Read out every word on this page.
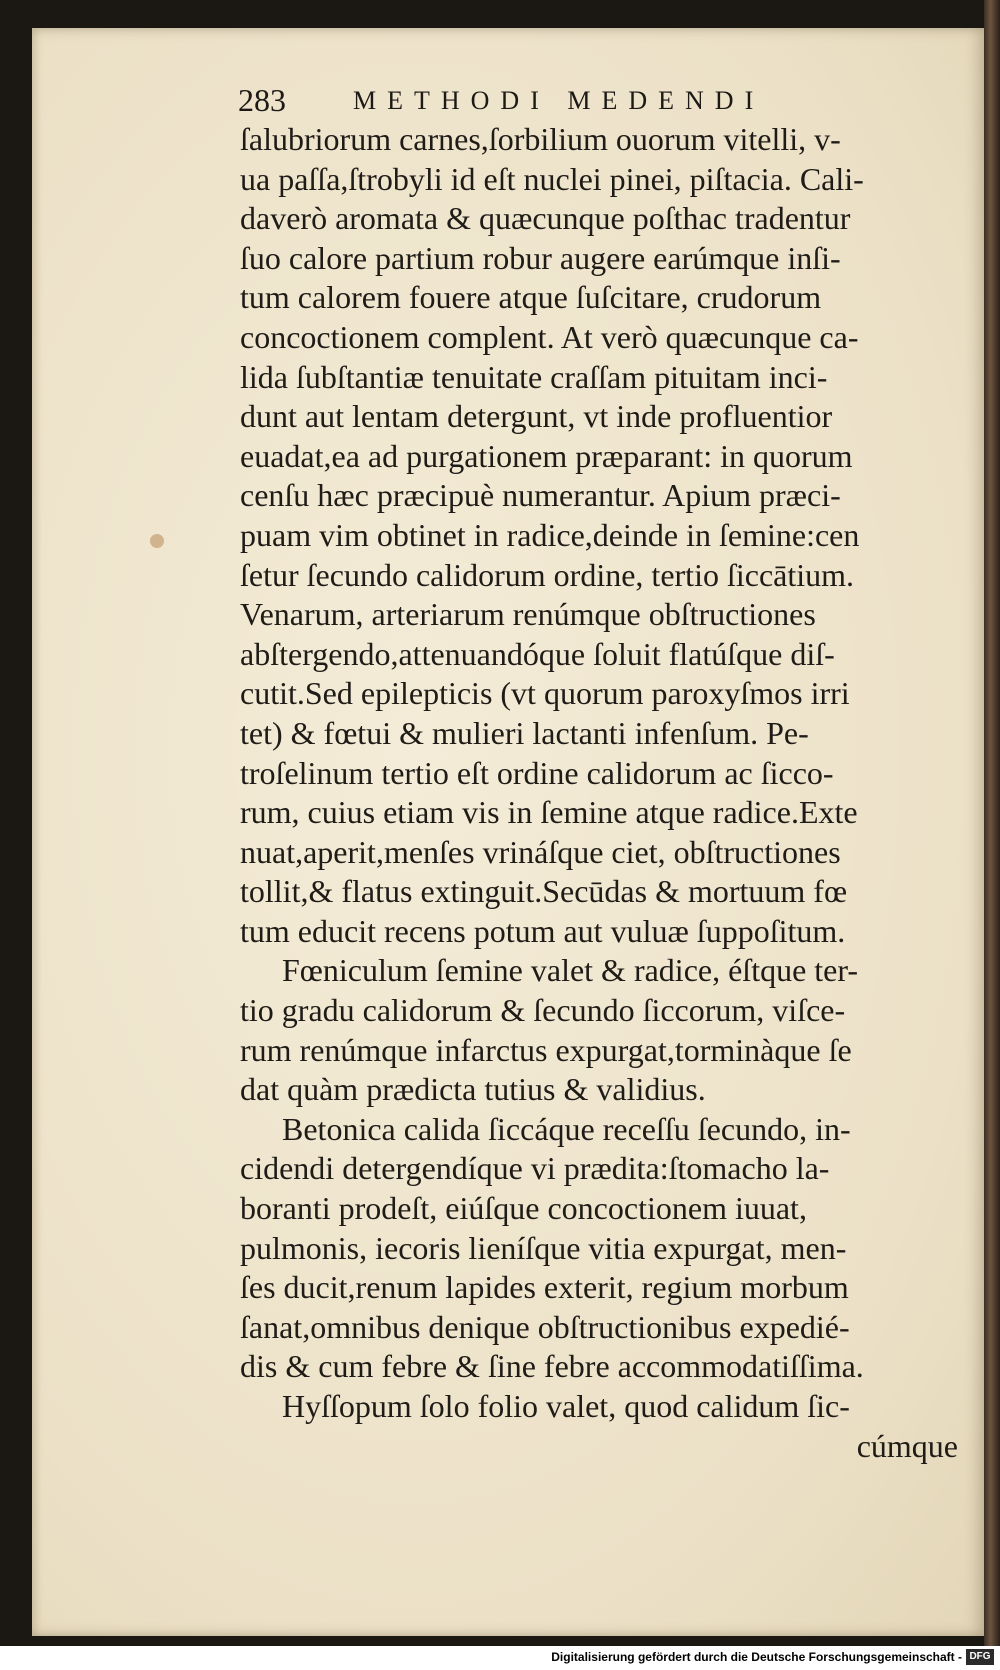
283	METHODI MEDENDI
ſalubriorum carnes,ſorbilium ouorum vitelli, v-
ua paſſa,ſtrobyli id eſt nuclei pinei, piſtacia. Cali-
daverò aromata & quæcunque poſthac tradentur
ſuo calore partium robur augere earúmque inſi-
tum calorem fouere atque ſuſcitare, crudorum
concoctionem complent. At verò quæcunque ca-
lida ſubſtantiæ tenuitate craſſam pituitam inci-
dunt aut lentam detergunt, vt inde profluentior
euadat,ea ad purgationem præparant: in quorum
cenſu hæc præcipuè numerantur. Apium præci-
puam vim obtinet in radice,deinde in ſemine:cen
ſetur ſecundo calidorum ordine, tertio ſiccātium.
Venarum, arteriarum renúmque obſtructiones
abſtergendo,attenuandóque ſoluit flatúſque diſ-
cutit.Sed epilepticis (vt quorum paroxyſmos irri
tet) & fœtui & mulieri lactanti infenſum. Pe-
troſelinum tertio eſt ordine calidorum ac ſicco-
rum, cuius etiam vis in ſemine atque radice.Exte
nuat,aperit,menſes vrináſque ciet, obſtructiones
tollit,& flatus extinguit.Secūdas & mortuum fœ
tum educit recens potum aut vuluæ ſuppoſitum.
Fœniculum ſemine valet & radice, éſtque ter-
tio gradu calidorum & ſecundo ſiccorum, viſce-
rum renúmque infarctus expurgat,torminàque ſe
dat quàm prædicta tutius & validius.
Betonica calida ſiccáque receſſu ſecundo, in-
cidendi detergendíque vi prædita:ſtomacho la-
boranti prodeſt, eiúſque concoctionem iuuat,
pulmonis, iecoris lieníſque vitia expurgat, men-
ſes ducit,renum lapides exterit, regium morbum
ſanat,omnibus denique obſtructionibus expedié-
dis & cum febre & ſine febre accommodatiſſima.
Hyſſopum ſolo folio valet, quod calidum ſic-
cúmque
Digitalisierung gefördert durch die Deutsche Forschungsgemeinschaft - DFG
